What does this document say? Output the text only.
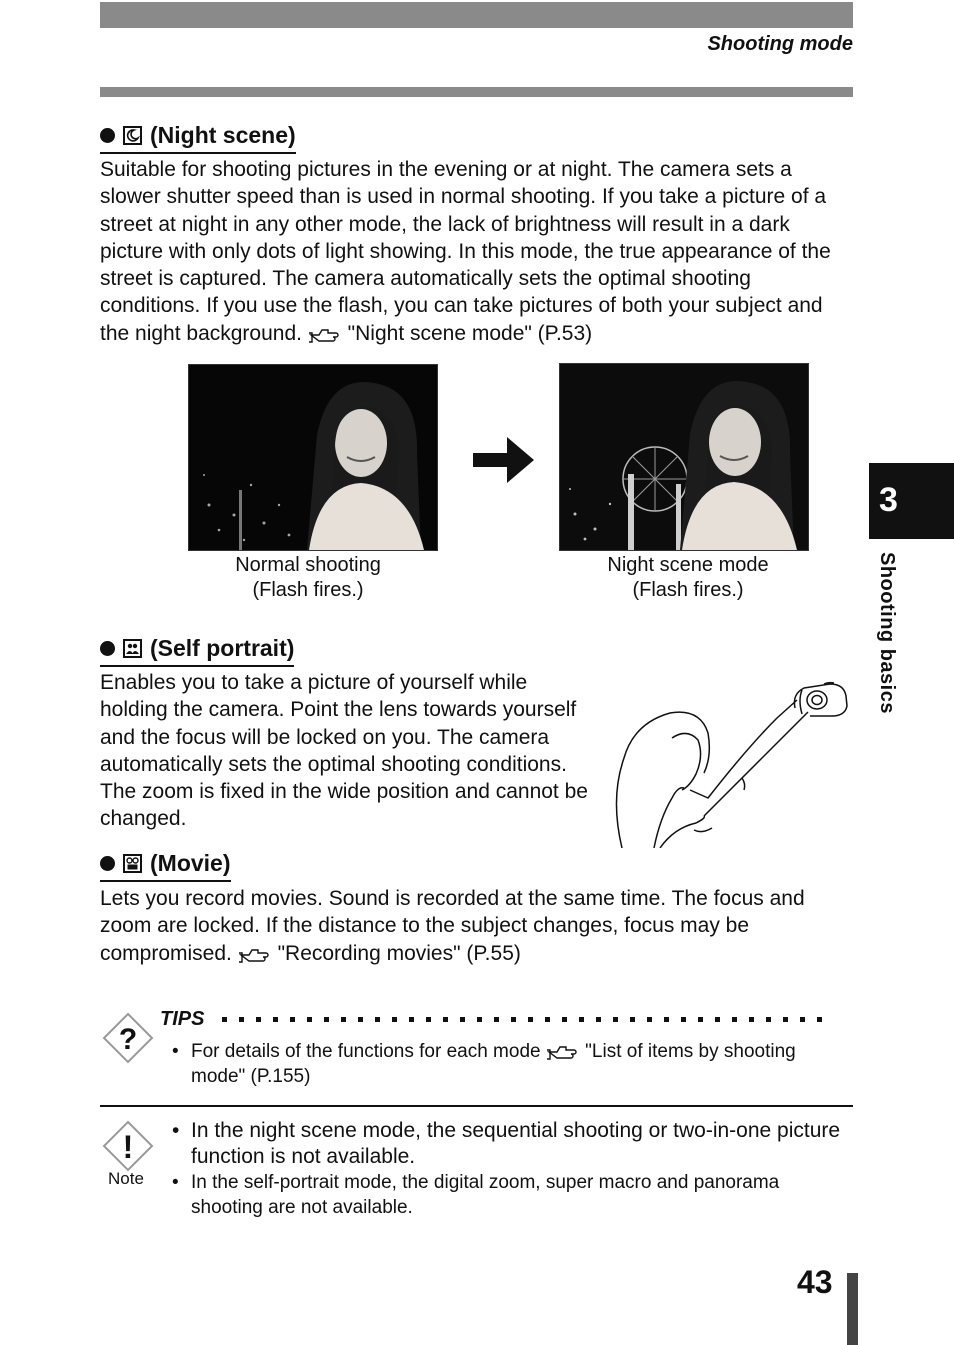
Shooting mode
(Night scene)
Suitable for shooting pictures in the evening or at night. The camera sets a slower shutter speed than is used in normal shooting. If you take a picture of a street at night in any other mode, the lack of brightness will result in a dark picture with only dots of light showing. In this mode, the true appearance of the street is captured. The camera automatically sets the optimal shooting conditions. If you use the flash, you can take pictures of both your subject and the night background. "Night scene mode" (P.53)
Normal shooting
(Flash fires.)
Night scene mode
(Flash fires.)
(Self portrait)
Enables you to take a picture of yourself while holding the camera. Point the lens towards yourself and the focus will be locked on you. The camera automatically sets the optimal shooting conditions. The zoom is fixed in the wide position and cannot be changed.
(Movie)
Lets you record movies. Sound is recorded at the same time. The focus and zoom are locked. If the distance to the subject changes, focus may be compromised. "Recording movies" (P.55)
?
TIPS
• For details of the functions for each mode "List of items by shooting mode" (P.155)
!
Note
• In the night scene mode, the sequential shooting or two-in-one picture function is not available.
• In the self-portrait mode, the digital zoom, super macro and panorama shooting are not available.
3
Shooting basics
43
